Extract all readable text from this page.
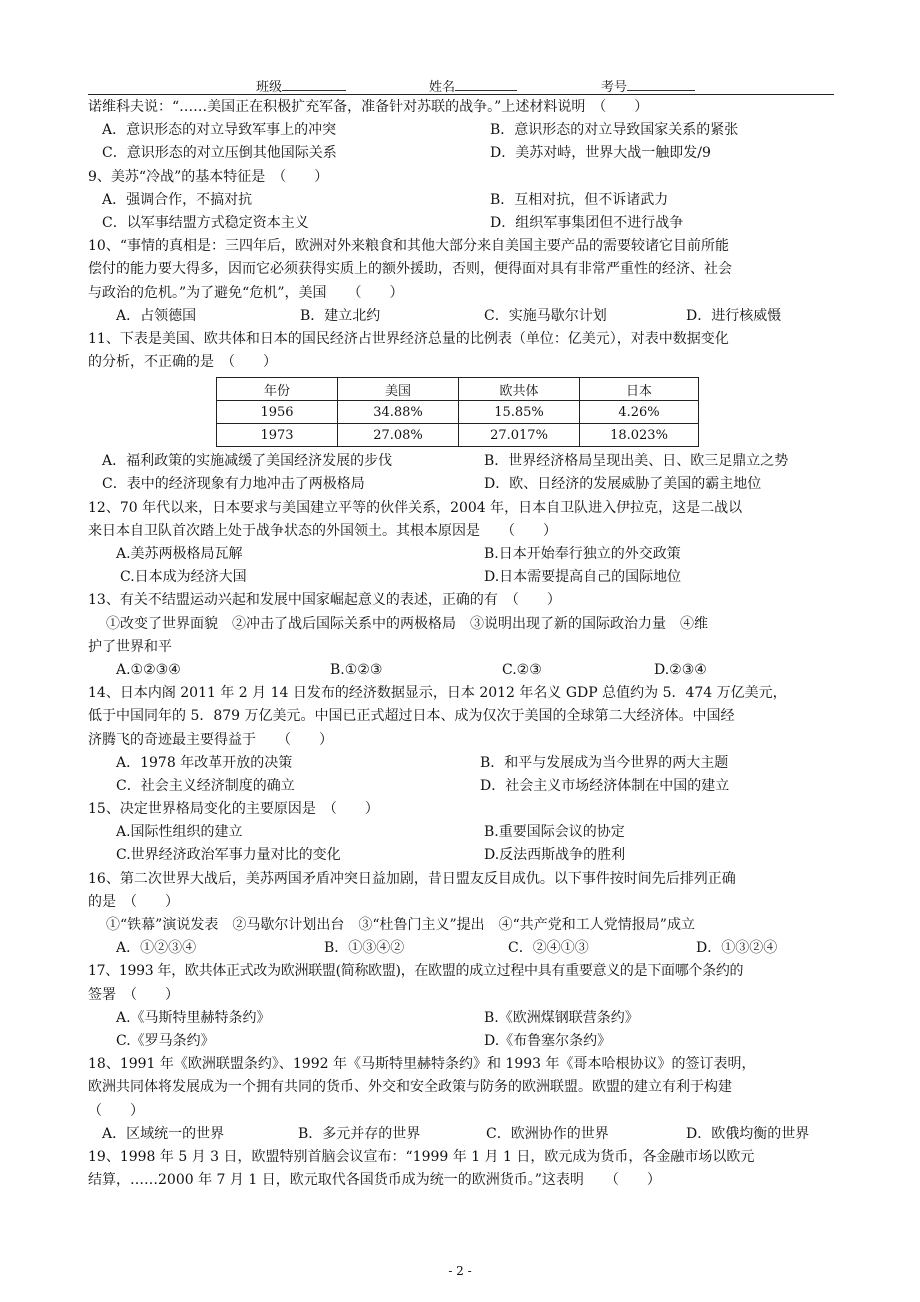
班级	姓名	考号
诺维科夫说：“……美国正在积极扩充军备，准备针对苏联的战争。”上述材料说明　（　　）
A．意识形态的对立导致军事上的冲突	B．意识形态的对立导致国家关系的紧张
C．意识形态的对立压倒其他国际关系	D．美苏对峙，世界大战一触即发/9
9、美苏“冷战”的基本特征是　（　　）
A．强调合作，不搞对抗	B．互相对抗，但不诉诸武力
C．以军事结盟方式稳定资本主义	D．组织军事集团但不进行战争
10、“事情的真相是：三四年后，欧洲对外来粮食和其他大部分来自美国主要产品的需要较诸它目前所能
偿付的能力要大得多，因而它必须获得实质上的额外援助，否则，便得面对具有非常严重性的经济、社会
与政治的危机。”为了避免“危机”，美国　　（　　）
A．占领德国	B．建立北约	C．实施马歇尔计划	D．进行核威慑
11、下表是美国、欧共体和日本的国民经济占世界经济总量的比例表（单位：亿美元），对表中数据变化
的分析，不正确的是　（　　）
年份	美国	欧共体	日本
1956	34.88%	15.85%	4.26%
1973	27.08%	27.017%	18.023%
A．福利政策的实施减缓了美国经济发展的步伐	B．世界经济格局呈现出美、日、欧三足鼎立之势
C．表中的经济现象有力地冲击了两极格局	D．欧、日经济的发展威胁了美国的霸主地位
12、70 年代以来，日本要求与美国建立平等的伙伴关系，2004 年，日本自卫队进入伊拉克，这是二战以
来日本自卫队首次踏上处于战争状态的外国领土。其根本原因是　　（　　）
A.美苏两极格局瓦解	B.日本开始奉行独立的外交政策
C.日本成为经济大国	D.日本需要提高自己的国际地位
13、有关不结盟运动兴起和发展中国家崛起意义的表述，正确的有　（　　）
①改变了世界面貌　②冲击了战后国际关系中的两极格局　③说明出现了新的国际政治力量　④维
护了世界和平
A.①②③④	B.①②③	C.②③	D.②③④
14、日本内阁 2011 年 2 月 14 日发布的经济数据显示，日本 2012 年名义 GDP 总值约为 5．474 万亿美元，
低于中国同年的 5．879 万亿美元。中国已正式超过日本、成为仅次于美国的全球第二大经济体。中国经
济腾飞的奇迹最主要得益于　　（　　）
A．1978 年改革开放的决策	B．和平与发展成为当今世界的两大主题
C．社会主义经济制度的确立	D．社会主义市场经济体制在中国的建立
15、决定世界格局变化的主要原因是　（　　）
A.国际性组织的建立	B.重要国际会议的协定
C.世界经济政治军事力量对比的变化	D.反法西斯战争的胜利
16、第二次世界大战后，美苏两国矛盾冲突日益加剧，昔日盟友反目成仇。以下事件按时间先后排列正确
的是　（　　）
①“铁幕”演说发表　②马歇尔计划出台　③“杜鲁门主义”提出　④“共产党和工人党情报局”成立
A．①②③④	B．①③④②	C．②④①③	D．①③②④
17、1993 年，欧共体正式改为欧洲联盟(简称欧盟)，在欧盟的成立过程中具有重要意义的是下面哪个条约的
签署　（　　）
A.《马斯特里赫特条约》	B.《欧洲煤钢联营条约》
C.《罗马条约》	D.《布鲁塞尔条约》
18、1991 年《欧洲联盟条约》、1992 年《马斯特里赫特条约》和 1993 年《哥本哈根协议》的签订表明，
欧洲共同体将发展成为一个拥有共同的货币、外交和安全政策与防务的欧洲联盟。欧盟的建立有利于构建
（　　）
A．区域统一的世界	B．多元并存的世界	C．欧洲协作的世界	D．欧俄均衡的世界
19、1998 年 5 月 3 日，欧盟特别首脑会议宣布：“1999 年 1 月 1 日，欧元成为货币，各金融市场以欧元
结算，……2000 年 7 月 1 日，欧元取代各国货币成为统一的欧洲货币。”这表明　　（　　）
- 2 -
